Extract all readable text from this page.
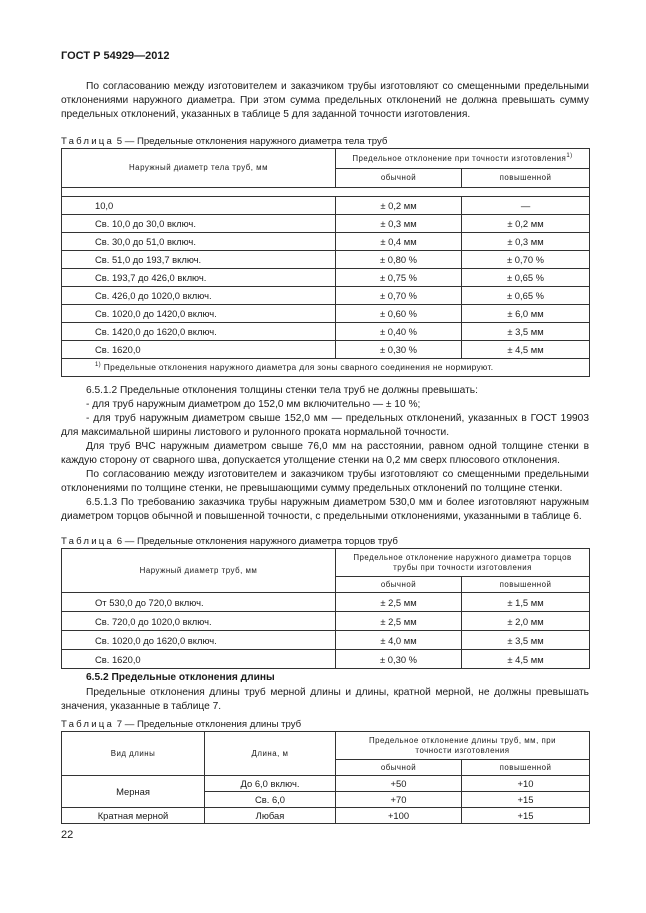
ГОСТ Р 54929—2012

По согласованию между изготовителем и заказчиком трубы изготовляют со смещенными предельными отклонениями наружного диаметра. При этом сумма предельных отклонений не должна превышать сумму предельных отклонений, указанных в таблице 5 для заданной точности изготовления.

Таблица 5 — Предельные отклонения наружного диаметра тела труб
Наружный диаметр тела труб, мм	Предельное отклонение при точности изготовления$^{1)}$
	обычной	повышенной

10,0	± 0,2 мм	—
Св. 10,0 до 30,0 включ.	± 0,3 мм	± 0,2 мм
Св. 30,0 до 51,0 включ.	± 0,4 мм	± 0,3 мм
Св. 51,0 до 193,7 включ.	± 0,80 %	± 0,70 %
Св. 193,7 до 426,0 включ.	± 0,75 %	± 0,65 %
Св. 426,0 до 1020,0 включ.	± 0,70 %	± 0,65 %
Св. 1020,0 до 1420,0 включ.	± 0,60 %	± 6,0 мм
Св. 1420,0 до 1620,0 включ.	± 0,40 %	± 3,5 мм
Св. 1620,0	± 0,30 %	± 4,5 мм
$^{1)}$ Предельные отклонения наружного диаметра для зоны сварного соединения не нормируют.		

6.5.1.2 Предельные отклонения толщины стенки тела труб не должны превышать:

- для труб наружным диаметром до 152,0 мм включительно — ± 10 %;

- для труб наружным диаметром свыше 152,0 мм — предельных отклонений, указанных в ГОСТ 19903 для максимальной ширины листового и рулонного проката нормальной точности.

Для труб ВЧС наружным диаметром свыше 76,0 мм на расстоянии, равном одной толщине стенки в каждую сторону от сварного шва, допускается утолщение стенки на 0,2 мм сверх плюсового отклонения.

По согласованию между изготовителем и заказчиком трубы изготовляют со смещенными предельными отклонениями по толщине стенки, не превышающими сумму предельных отклонений по толщине стенки.

6.5.1.3 По требованию заказчика трубы наружным диаметром 530,0 мм и более изготовляют наружным диаметром торцов обычной и повышенной точности, с предельными отклонениями, указанными в таблице 6.

Таблица 6 — Предельные отклонения наружного диаметра торцов труб
Наружный диаметр труб, мм	Предельное отклонение наружного диаметра торцов трубы при точности изготовления	
	обычной	повышенной
От 530,0 до 720,0 включ.	± 2,5 мм	± 1,5 мм
Св. 720,0 до 1020,0 включ.	± 2,5 мм	± 2,0 мм
Св. 1020,0 до 1620,0 включ.	± 4,0 мм	± 3,5 мм
Св. 1620,0	± 0,30 %	± 4,5 мм
6.5.2 Предельные отклонения длины

Предельные отклонения длины труб мерной длины и длины, кратной мерной, не должны превышать значения, указанные в таблице 7.

Таблица 7 — Предельные отклонения длины труб
Вид длины	Длина, м	Предельное отклонение длины труб, мм, при точности изготовления	
		обычной	повышенной
Мерная	До 6,0 включ.	+50	+10
	Св. 6,0	+70	+15
Кратная мерной	Любая	+100	+15
22
